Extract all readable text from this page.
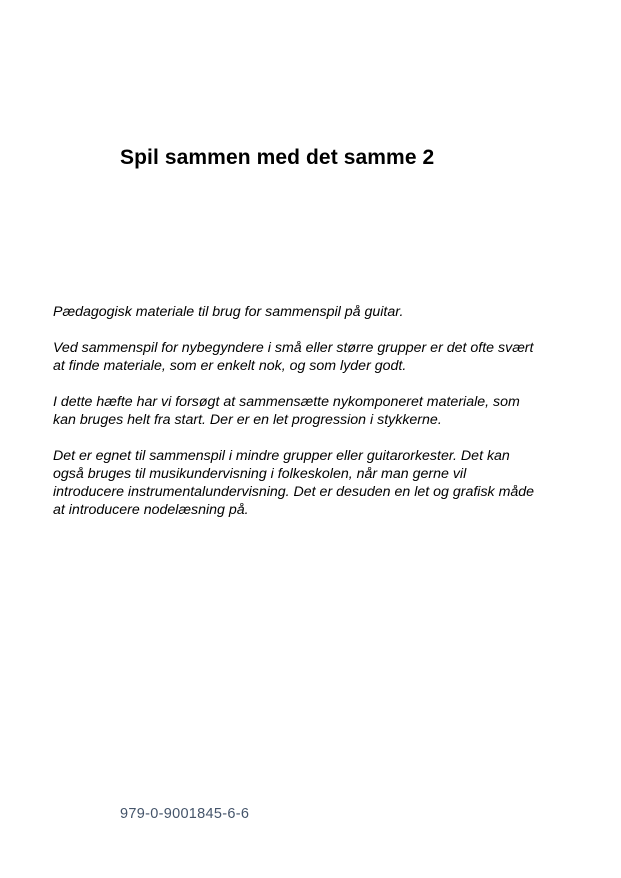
Spil sammen med det samme 2

Pædagogisk materiale til brug for sammenspil på guitar.

Ved sammenspil for nybegyndere i små eller større grupper er det ofte svært
at finde materiale, som er enkelt nok, og som lyder godt.

I dette hæfte har vi forsøgt at sammensætte nykomponeret materiale, som
kan bruges helt fra start. Der er en let progression i stykkerne.

Det er egnet til sammenspil i mindre grupper eller guitarorkester. Det kan
også bruges til musikundervisning i folkeskolen, når man gerne vil
introducere instrumentalundervisning. Det er desuden en let og grafisk måde
at introducere nodelæsning på.

979-0-9001845-6-6
